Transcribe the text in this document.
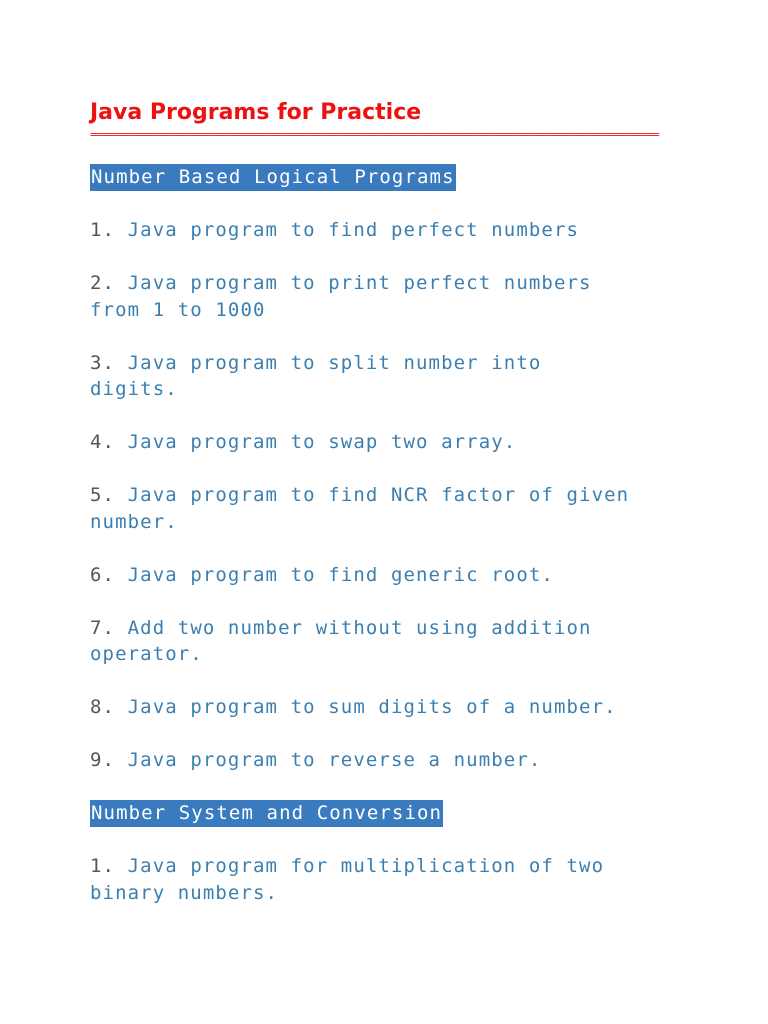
Java Programs for Practice
================================================================================================================
Number Based Logical Programs
1. Java program to find perfect numbers
2. Java program to print perfect numbers from 1 to 1000
3. Java program to split number into digits.
4. Java program to swap two array.
5. Java program to find NCR factor of given number.
6. Java program to find generic root.
7. Add two number without using addition operator.
8. Java program to sum digits of a number.
9. Java program to reverse a number.
Number System and Conversion
1. Java program for multiplication of two binary numbers.
